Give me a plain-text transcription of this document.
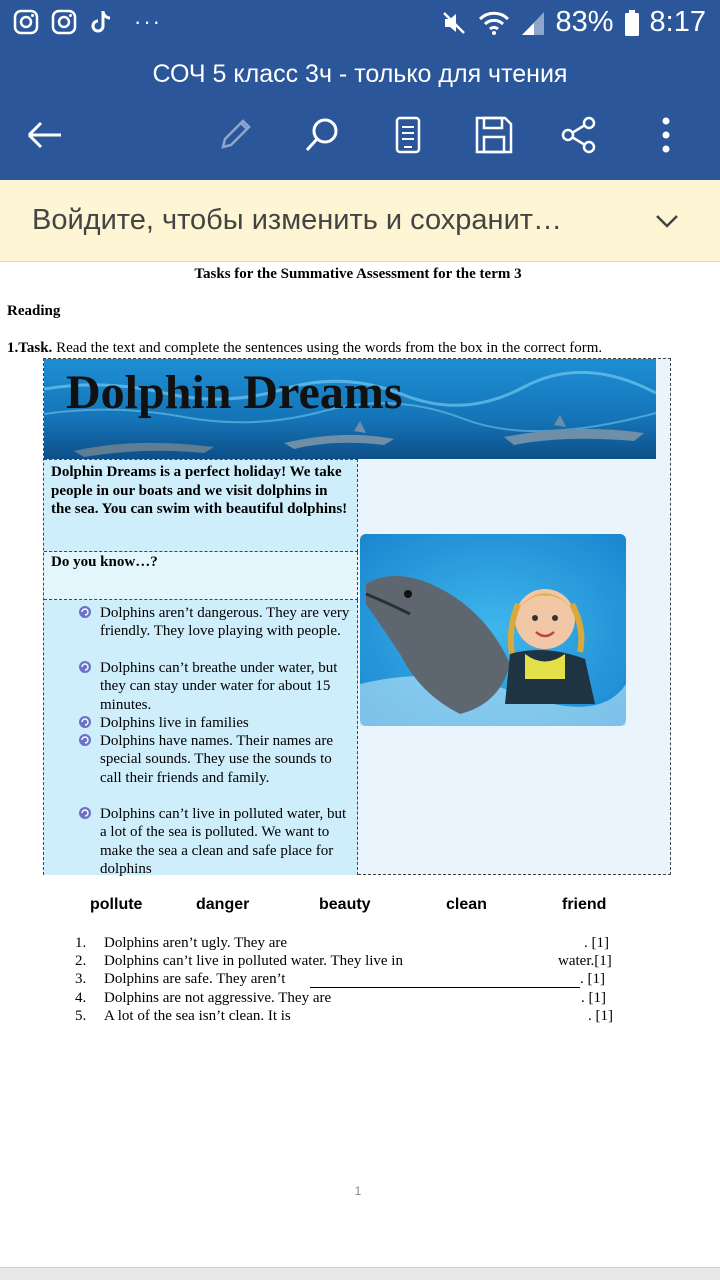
···	83% 8:17
СОЧ 5 класс 3ч - только для чтения
Войдите, чтобы изменить и сохранит…
Tasks for the Summative Assessment for the term 3
Reading
1.Task. Read the text and complete the sentences using the words from the box in the correct form.
Dolphin Dreams
Dolphin Dreams is a perfect holiday! We take people in our boats and we visit dolphins in the sea. You can swim with beautiful dolphins!
Do you know…?
Dolphins aren’t dangerous. They are very friendly. They love playing with people.
Dolphins can’t breathe under water, but they can stay under water for about 15 minutes.
Dolphins live in families
Dolphins have names. Their names are special sounds. They use the sounds to call their friends and family.
Dolphins can’t live in polluted water, but a lot of the sea is polluted. We want to make the sea a clean and safe place for dolphins
pollute	danger	beauty	clean	friend
1. Dolphins aren’t ugly. They are	. [1]
2. Dolphins can’t live in polluted water. They live in	water.[1]
3. Dolphins are safe. They aren’t	. [1]
4. Dolphins are not aggressive. They are	. [1]
5. A lot of the sea isn’t clean. It is	. [1]
1
